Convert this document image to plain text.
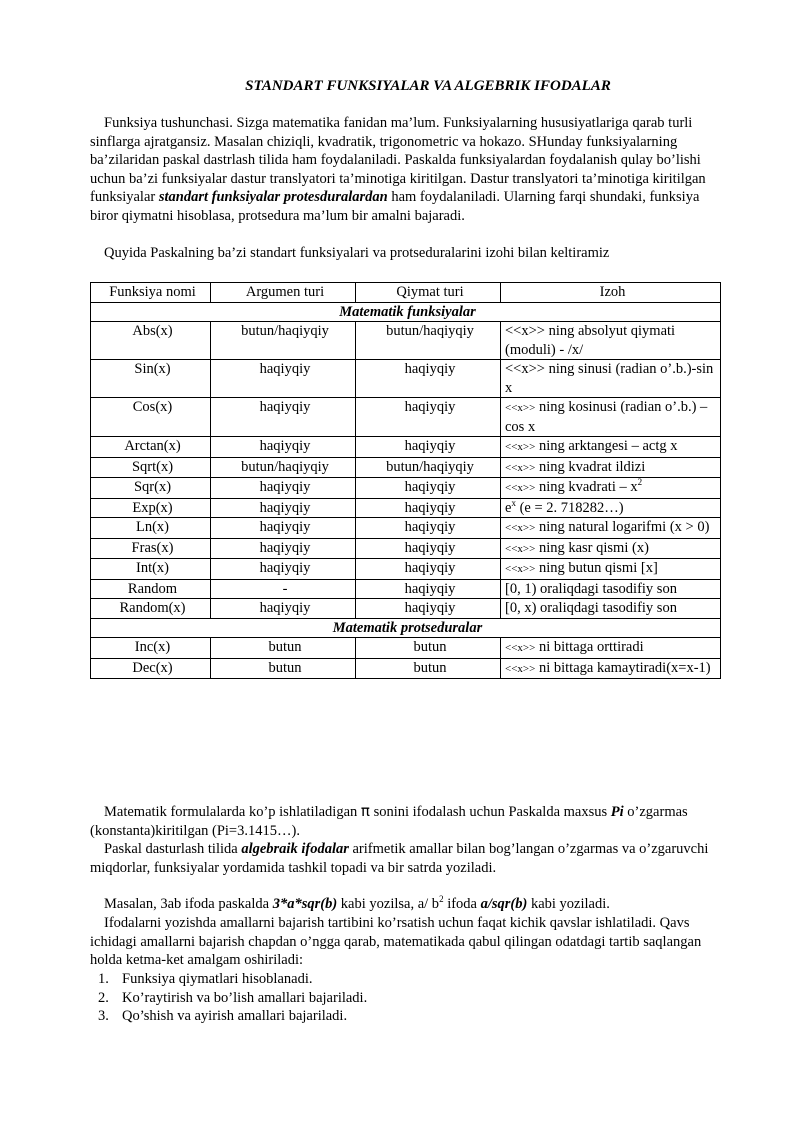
STANDART FUNKSIYALAR VA ALGEBRIK IFODALAR
Funksiya tushunchasi. Sizga matematika fanidan ma’lum. Funksiyalarning hususiyatlariga qarab turli sinflarga ajratgansiz. Masalan chiziqli, kvadratik, trigonometric va hokazo. SHunday funksiyalarning ba’zilaridan paskal dastrlash tilida ham foydalaniladi. Paskalda funksiyalardan foydalanish qulay bo’lishi uchun ba’zi funksiyalar dastur translyatori ta’minotiga kiritilgan. Dastur translyatori ta’minotiga kiritilgan funksiyalar standart funksiyalar protesduralardan ham foydalaniladi. Ularning farqi shundaki, funksiya biror qiymatni hisoblasa, protsedura ma’lum bir amalni bajaradi.
Quyida Paskalning ba’zi standart funksiyalari va protseduralarini izohi bilan keltiramiz
Funksiya nomi	Argumen turi	Qiymat turi	Izoh
Matematik funksiyalar			
Abs(x)	butun/haqiyqiy	butun/haqiyqiy	<<x>> ning absolyut qiymati (moduli) - /x/
Sin(x)	haqiyqiy	haqiyqiy	<<x>> ning sinusi (radian o’.b.)-sin x
Cos(x)	haqiyqiy	haqiyqiy	<<x>> ning kosinusi (radian o’.b.) – cos x
Arctan(x)	haqiyqiy	haqiyqiy	<<x>> ning arktangesi – actg x
Sqrt(x)	butun/haqiyqiy	butun/haqiyqiy	<<x>> ning kvadrat ildizi
Sqr(x)	haqiyqiy	haqiyqiy	<<x>> ning kvadrati – $x^2$
Exp(x)	haqiyqiy	haqiyqiy	$e^x$ (e = 2. 718282…)
Ln(x)	haqiyqiy	haqiyqiy	<<x>> ning natural logarifmi (x > 0)
Fras(x)	haqiyqiy	haqiyqiy	<<x>> ning kasr qismi (x)
Int(x)	haqiyqiy	haqiyqiy	<<x>> ning butun qismi [x]
Random	-	haqiyqiy	[0, 1) oraliqdagi tasodifiy son
Random(x)	haqiyqiy	haqiyqiy	[0, x) oraliqdagi tasodifiy son
Matematik protseduralar			
Inc(x)	butun	butun	<<x>> ni bittaga orttiradi
Dec(x)	butun	butun	<<x>> ni bittaga kamaytiradi(x=x-1)
Matematik formulalarda ko’p ishlatiladigan π sonini ifodalash uchun Paskalda maxsus Pi o’zgarmas (konstanta)kiritilgan (Pi=3.1415…).
Paskal dasturlash tilida algebraik ifodalar arifmetik amallar bilan bog’langan o’zgarmas va o’zgaruvchi miqdorlar, funksiyalar yordamida tashkil topadi va bir satrda yoziladi.
Masalan, 3ab ifoda paskalda 3*a*sqr(b) kabi yozilsa, a/ $b^2$ ifoda a/sqr(b) kabi yoziladi.
Ifodalarni yozishda amallarni bajarish tartibini ko’rsatish uchun faqat kichik qavslar ishlatiladi. Qavs ichidagi amallarni bajarish chapdan o’ngga qarab, matematikada qabul qilingan odatdagi tartib saqlangan holda ketma-ket amalgam oshiriladi:
1. Funksiya qiymatlari hisoblanadi.
2. Ko’raytirish va bo’lish amallari bajariladi.
3. Qo’shish va ayirish amallari bajariladi.
